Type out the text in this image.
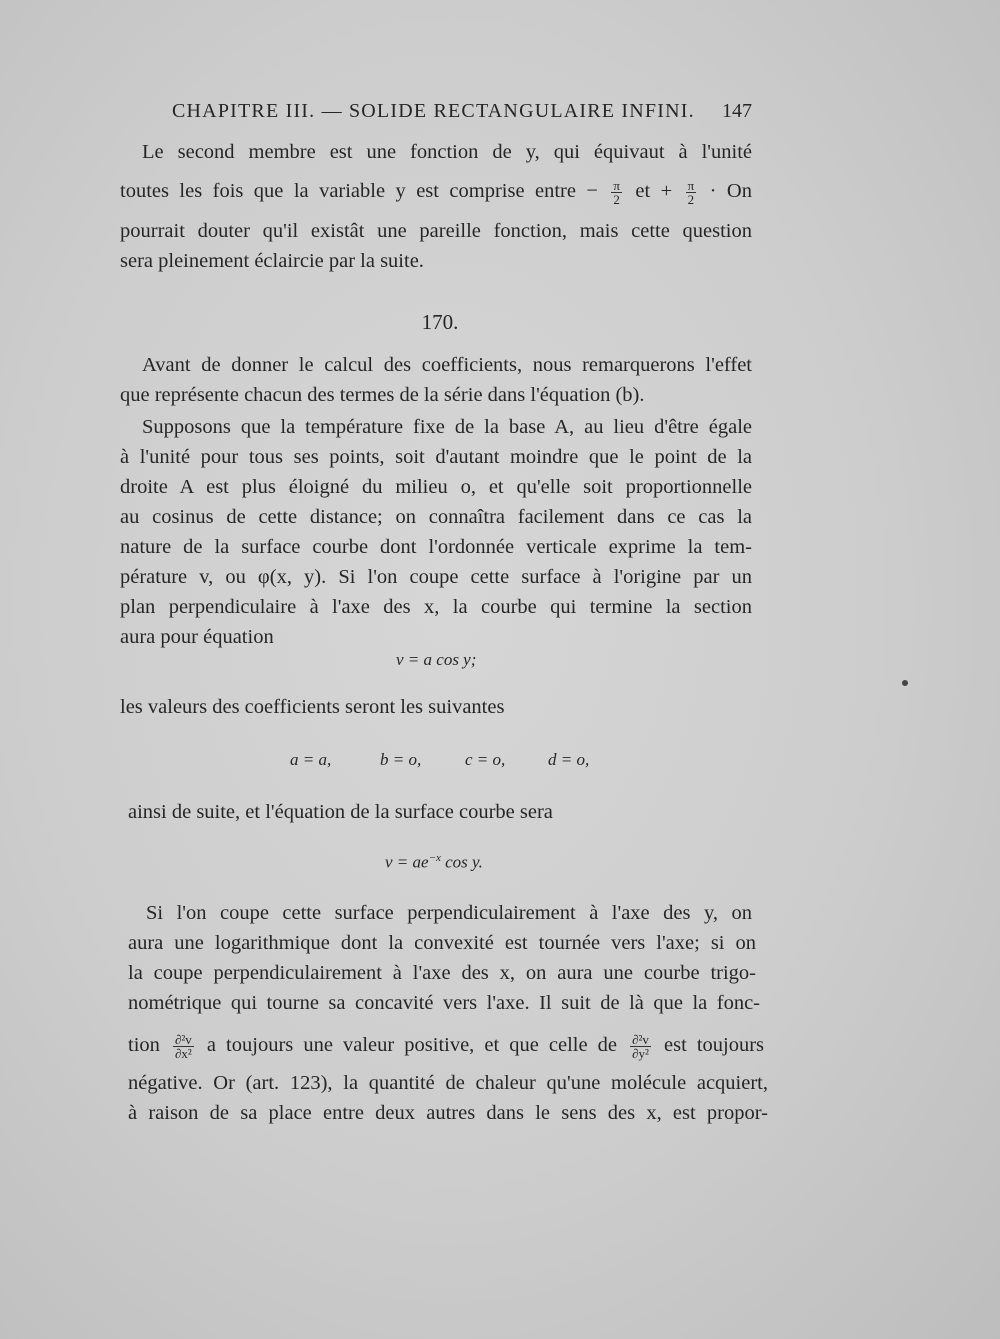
CHAPITRE III. — SOLIDE RECTANGULAIRE INFINI. 147
Le second membre est une fonction de y, qui équivaut à l'unité
toutes les fois que la variable y est comprise entre − $\frac{\pi}{2}$ et + $\frac{\pi}{2} \cdot On$
pourrait douter qu'il existât une pareille fonction, mais cette question
sera pleinement éclaircie par la suite.
170.
Avant de donner le calcul des coefficients, nous remarquerons l'effet
que représente chacun des termes de la série dans l'équation (b).
Supposons que la température fixe de la base A, au lieu d'être égale
à l'unité pour tous ses points, soit d'autant moindre que le point de la
droite A est plus éloigné du milieu o, et qu'elle soit proportionnelle
au cosinus de cette distance; on connaîtra facilement dans ce cas la
nature de la surface courbe dont l'ordonnée verticale exprime la tem-
pérature v, ou φ(x, y). Si l'on coupe cette surface à l'origine par un
plan perpendiculaire à l'axe des x, la courbe qui termine la section
aura pour équation
v = a cos y;
les valeurs des coefficients seront les suivantes
a = a,	b = o,	c = o,	d = o,
ainsi de suite, et l'équation de la surface courbe sera
$v = ae^{-x}$ cos y.
Si l'on coupe cette surface perpendiculairement à l'axe des y, on
aura une logarithmique dont la convexité est tournée vers l'axe; si on
la coupe perpendiculairement à l'axe des x, on aura une courbe trigo-
nométrique qui tourne sa concavité vers l'axe. Il suit de là que la fonc-
tion $\frac{\text{∂²v}}{\text{∂x²}}$ a toujours une valeur positive, et que celle de $\frac{\text{∂²v}}{\text{∂y²}}$ est toujours
négative. Or (art. 123), la quantité de chaleur qu'une molécule acquiert,
à raison de sa place entre deux autres dans le sens des x, est propor-
